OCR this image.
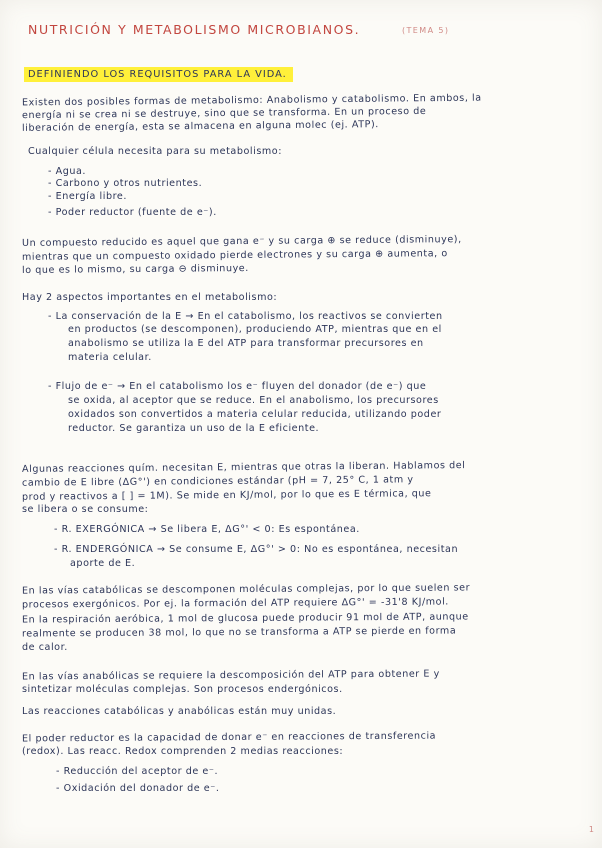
NUTRICIÓN Y METABOLISMO MICROBIANOS.	(TEMA 5)
DEFINIENDO LOS REQUISITOS PARA LA VIDA.
Existen dos posibles formas de metabolismo: Anabolismo y catabolismo. En ambos, la
energía ni se crea ni se destruye, sino que se transforma. En un proceso de
liberación de energía, esta se almacena en alguna molec (ej. ATP).
Cualquier célula necesita para su metabolismo:
- Agua.
- Carbono y otros nutrientes.
- Energía libre.
- Poder reductor (fuente de e⁻).
Un compuesto reducido es aquel que gana e⁻ y su carga ⊕ se reduce (disminuye),
mientras que un compuesto oxidado pierde electrones y su carga ⊕ aumenta, o
lo que es lo mismo, su carga ⊖ disminuye.
Hay 2 aspectos importantes en el metabolismo:
- La conservación de la E → En el catabolismo, los reactivos se convierten
en productos (se descomponen), produciendo ATP, mientras que en el
anabolismo se utiliza la E del ATP para transformar precursores en
materia celular.
- Flujo de e⁻ → En el catabolismo los e⁻ fluyen del donador (de e⁻) que
se oxida, al aceptor que se reduce. En el anabolismo, los precursores
oxidados son convertidos a materia celular reducida, utilizando poder
reductor. Se garantiza un uso de la E eficiente.
Algunas reacciones quím. necesitan E, mientras que otras la liberan. Hablamos del
cambio de E libre (ΔG°') en condiciones estándar (pH = 7, 25° C, 1 atm y
prod y reactivos a [ ] = 1M). Se mide en KJ/mol, por lo que es E térmica, que
se libera o se consume:
- R. EXERGÓNICA → Se libera E, ΔG°' < 0: Es espontánea.
- R. ENDERGÓNICA → Se consume E, ΔG°' > 0: No es espontánea, necesitan
aporte de E.
En las vías catabólicas se descomponen moléculas complejas, por lo que suelen ser
procesos exergónicos. Por ej. la formación del ATP requiere ΔG°' = -31'8 KJ/mol.
En la respiración aeróbica, 1 mol de glucosa puede producir 91 mol de ATP, aunque
realmente se producen 38 mol, lo que no se transforma a ATP se pierde en forma
de calor.
En las vías anabólicas se requiere la descomposición del ATP para obtener E y
sintetizar moléculas complejas. Son procesos endergónicos.
Las reacciones catabólicas y anabólicas están muy unidas.
El poder reductor es la capacidad de donar e⁻ en reacciones de transferencia
(redox). Las reacc. Redox comprenden 2 medias reacciones:
- Reducción del aceptor de e⁻.
- Oxidación del donador de e⁻.
1
